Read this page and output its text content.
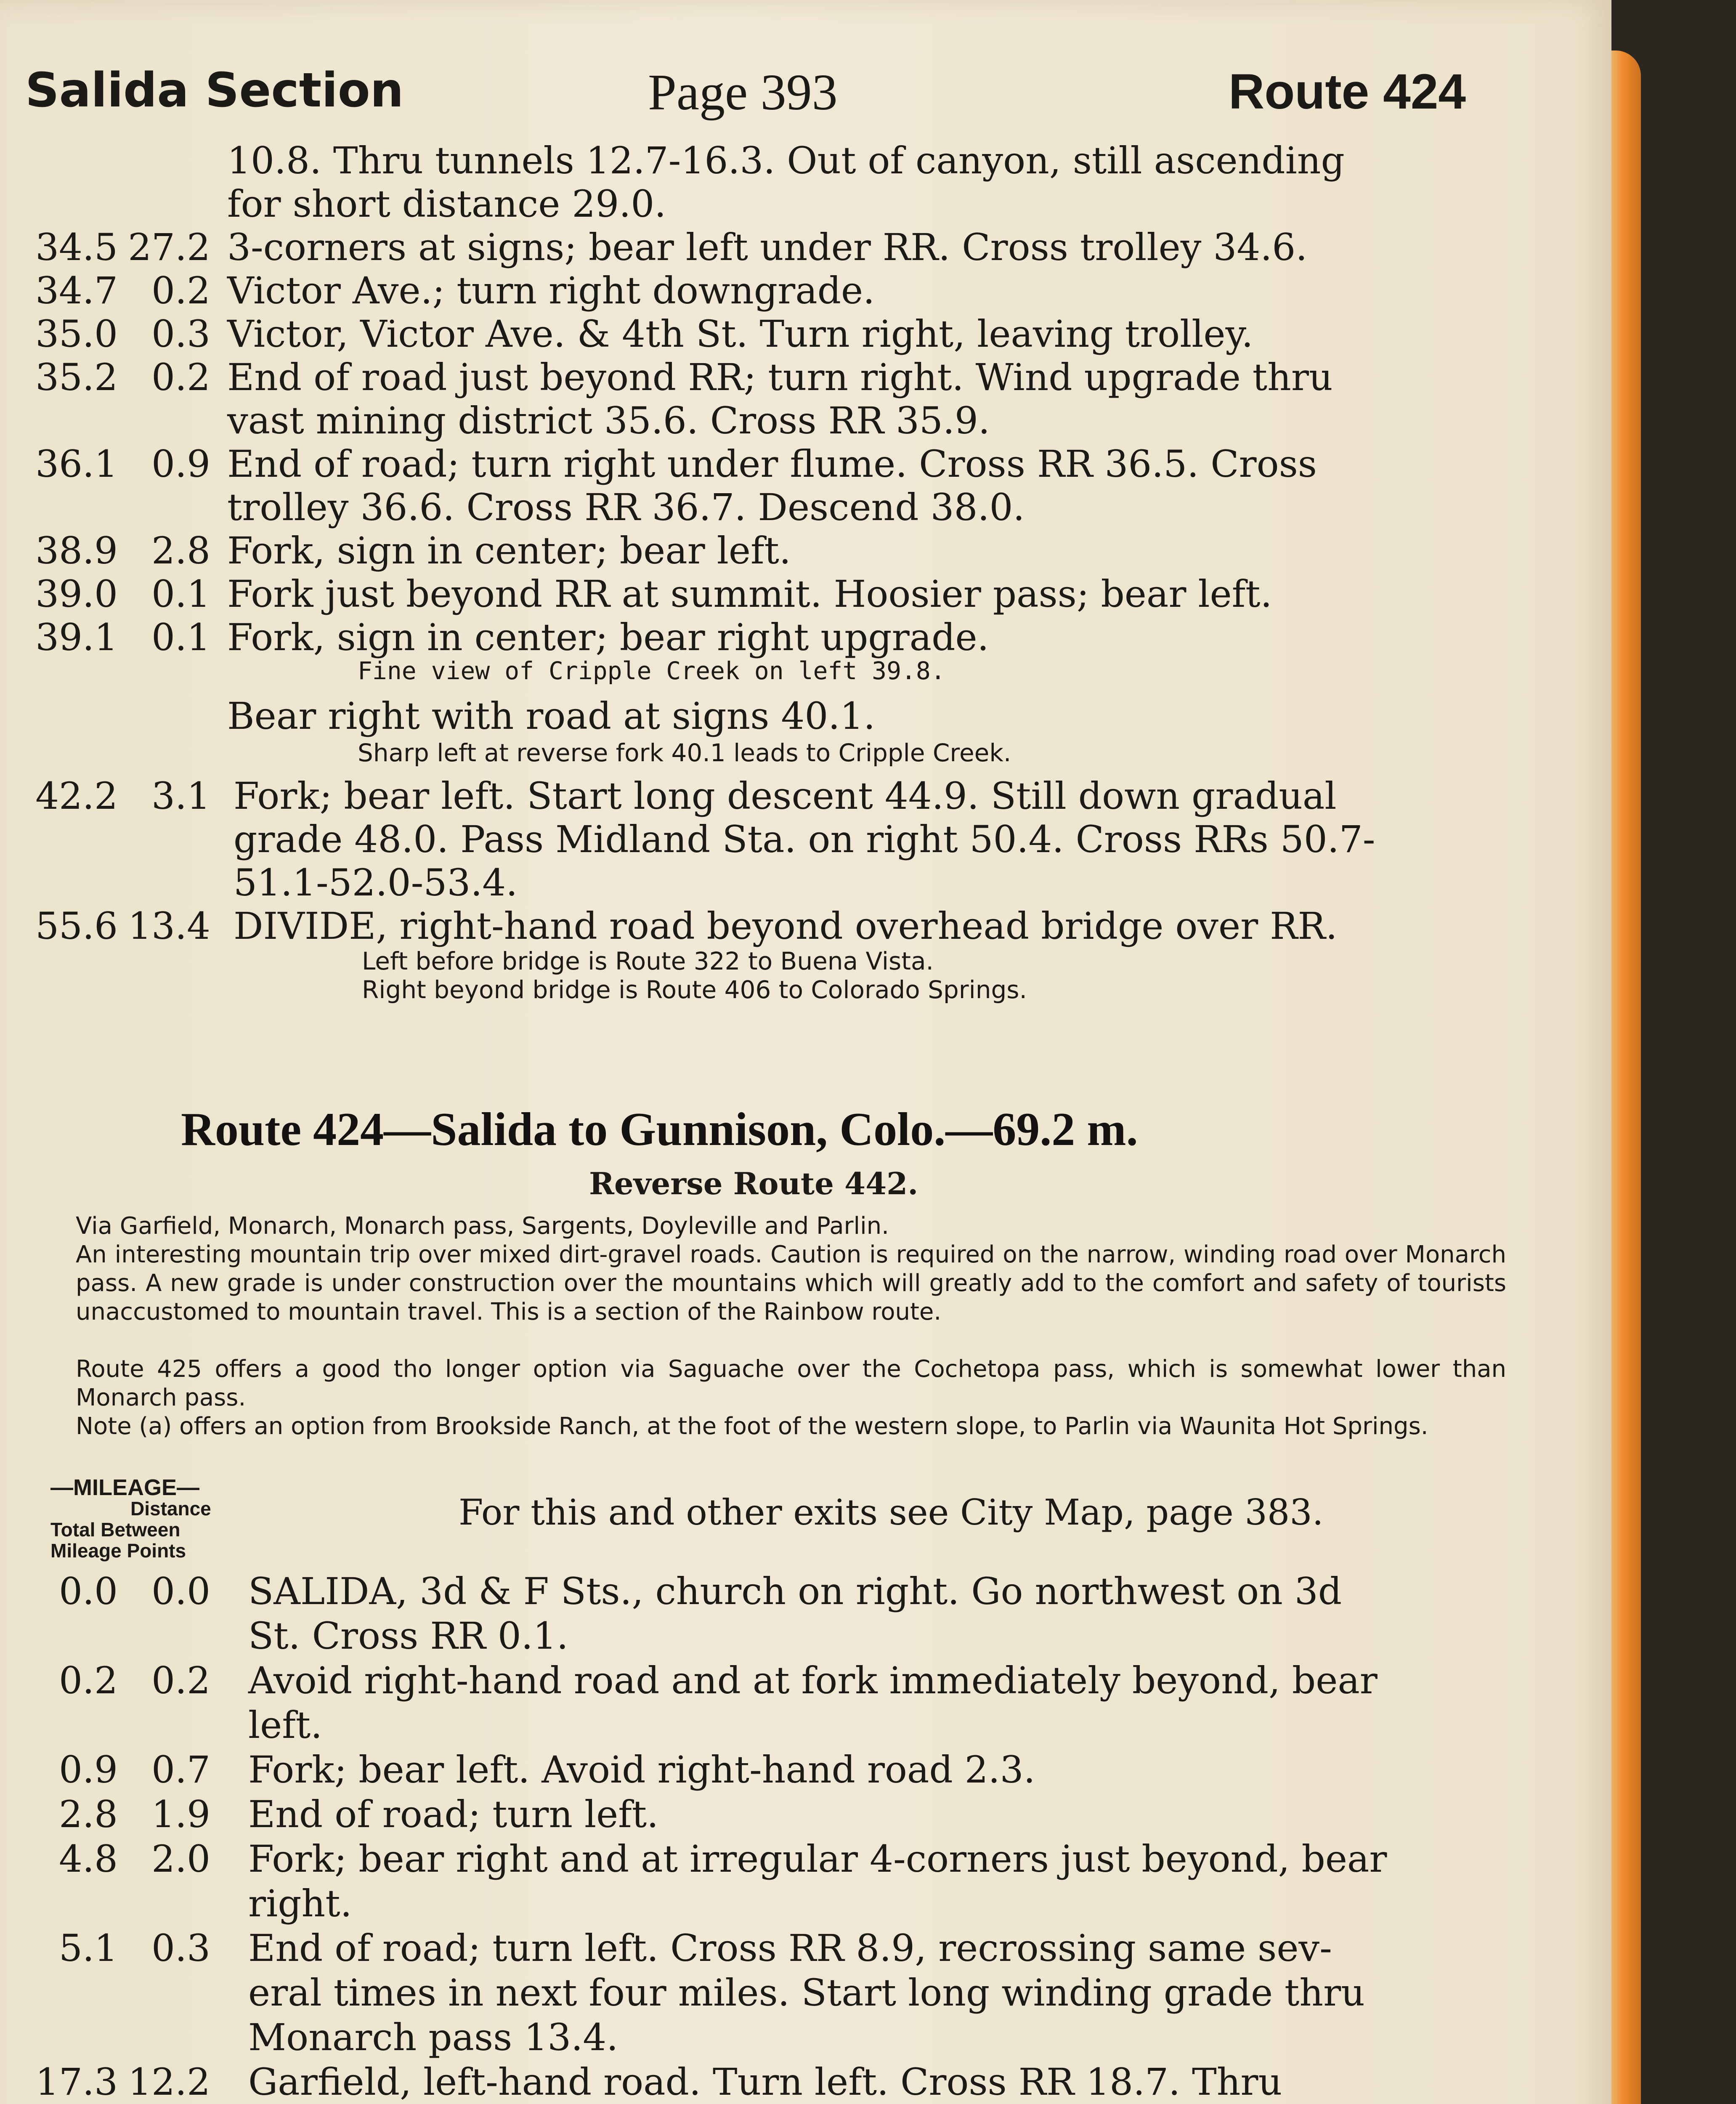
Salida Section	Page 393	Route 424
10.8. Thru tunnels 12.7-16.3. Out of canyon, still ascending
for short distance 29.0.
34.5 27.2 3-corners at signs; bear left under RR. Cross trolley 34.6.
34.7 0.2 Victor Ave.; turn right downgrade.
35.0 0.3 Victor, Victor Ave. & 4th St. Turn right, leaving trolley.
35.2 0.2 End of road just beyond RR; turn right. Wind upgrade thru
vast mining district 35.6. Cross RR 35.9.
36.1 0.9 End of road; turn right under flume. Cross RR 36.5. Cross
trolley 36.6. Cross RR 36.7. Descend 38.0.
38.9 2.8 Fork, sign in center; bear left.
39.0 0.1 Fork just beyond RR at summit. Hoosier pass; bear left.
39.1 0.1 Fork, sign in center; bear right upgrade.
Fine view of Cripple Creek on left 39.8.
Bear right with road at signs 40.1.
Sharp left at reverse fork 40.1 leads to Cripple Creek.
42.2 3.1 Fork; bear left. Start long descent 44.9. Still down gradual
grade 48.0. Pass Midland Sta. on right 50.4. Cross RRs 50.7-
51.1-52.0-53.4.
55.6 13.4 DIVIDE, right-hand road beyond overhead bridge over RR.
Left before bridge is Route 322 to Buena Vista.
Right beyond bridge is Route 406 to Colorado Springs.
Route 424—Salida to Gunnison, Colo.—69.2 m.
Reverse Route 442.
Via Garfield, Monarch, Monarch pass, Sargents, Doyleville and Parlin.
An interesting mountain trip over mixed dirt-gravel roads. Caution is required on the narrow, winding road over Monarch pass. A new grade is under construction over the mountains which will greatly add to the comfort and safety of tourists unaccustomed to mountain travel. This is a section of the Rainbow route.
Route 425 offers a good tho longer option via Saguache over the Cochetopa pass, which is somewhat lower than Monarch pass.
Note (a) offers an option from Brookside Ranch, at the foot of the western slope, to Parlin via Waunita Hot Springs.
—MILEAGE—
Distance
Total Between
Mileage Points
For this and other exits see City Map, page 383.
0.0 0.0 SALIDA, 3d & F Sts., church on right. Go northwest on 3d
St. Cross RR 0.1.
0.2 0.2 Avoid right-hand road and at fork immediately beyond, bear
left.
0.9 0.7 Fork; bear left. Avoid right-hand road 2.3.
2.8 1.9 End of road; turn left.
4.8 2.0 Fork; bear right and at irregular 4-corners just beyond, bear
right.
5.1 0.3 End of road; turn left. Cross RR 8.9, recrossing same sev-
eral times in next four miles. Start long winding grade thru
Monarch pass 13.4.
17.3 12.2 Garfield, left-hand road. Turn left. Cross RR 18.7. Thru
